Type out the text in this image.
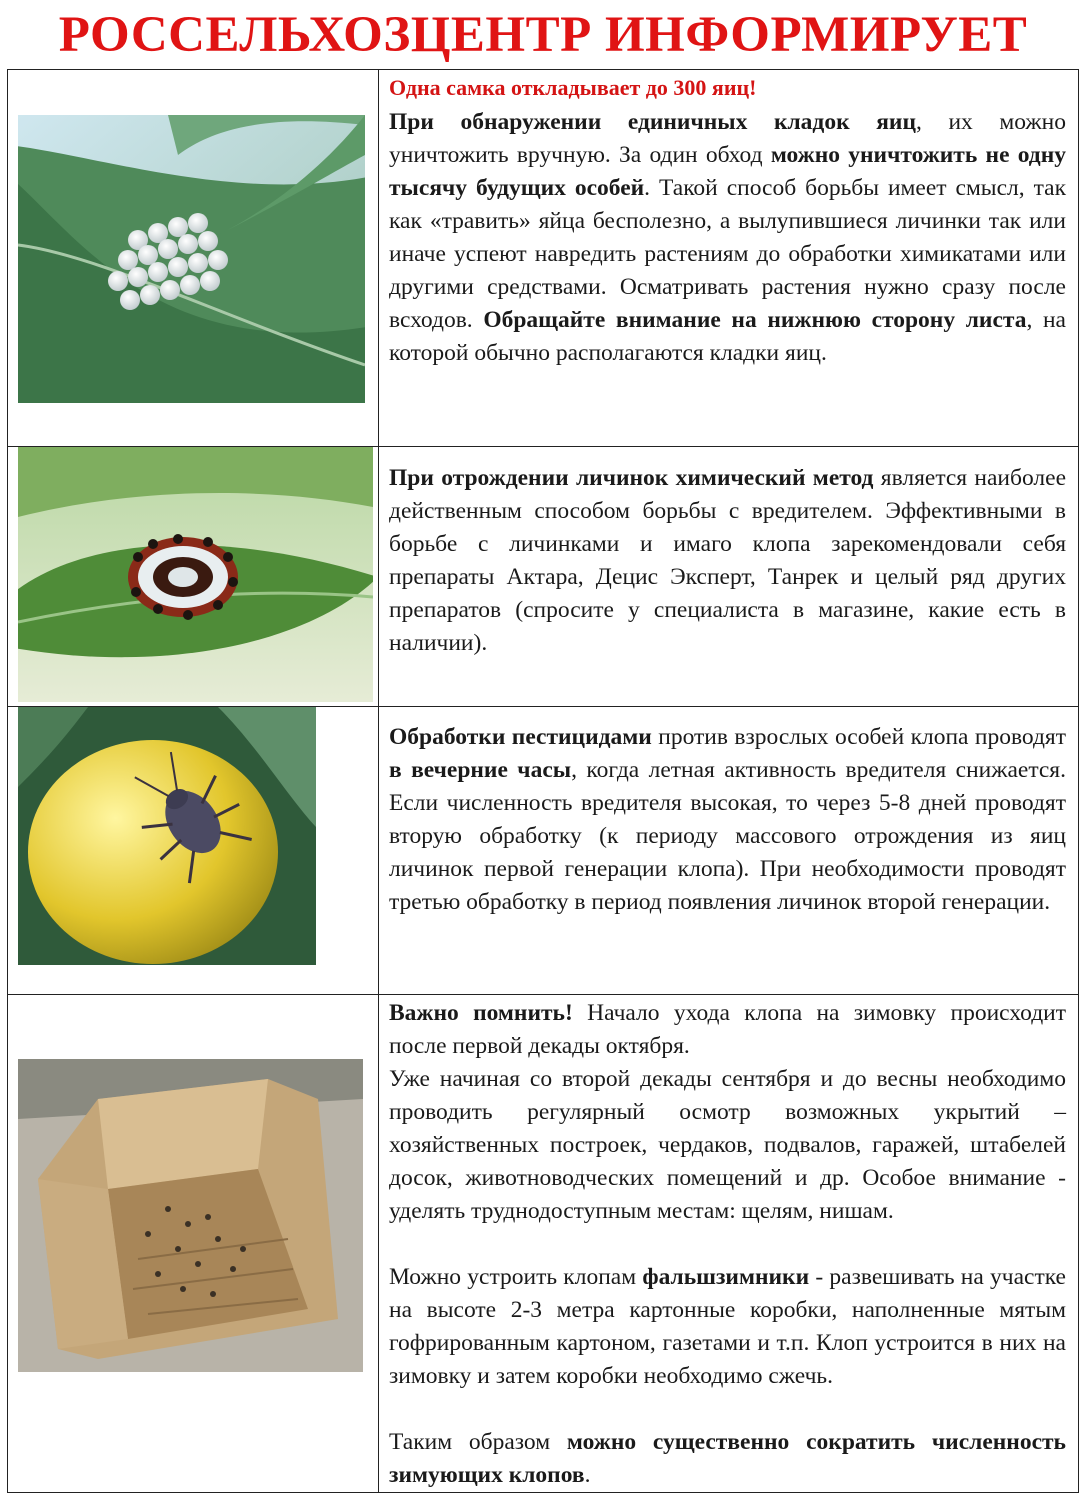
РОССЕЛЬХОЗЦЕНТР ИНФОРМИРУЕТ
Одна самка откладывает до 300 яиц!

При обнаружении единичных кладок яиц, их можно уничтожить вручную. За один обход можно уничтожить не одну тысячу будущих особей. Такой способ борьбы имеет смысл, так как «травить» яйца бесполезно, а вылупившиеся личинки так или иначе успеют навредить растениям до обработки химикатами или другими средствами. Осматривать растения нужно сразу после всходов. Обращайте внимание на нижнюю сторону листа, на которой обычно располагаются кладки яиц.

При отрождении личинок химический метод является наиболее действенным способом борьбы с вредителем. Эффективными в борьбе с личинками и имаго клопа зарекомендовали себя препараты Актара, Децис Эксперт, Танрек и целый ряд других препаратов (спросите у специалиста в магазине, какие есть в наличии).

Обработки пестицидами против взрослых особей клопа проводят в вечерние часы, когда летная активность вредителя снижается. Если численность вредителя высокая, то через 5-8 дней проводят вторую обработку (к периоду массового отрождения из яиц личинок первой генерации клопа). При необходимости проводят третью обработку в период появления личинок второй генерации.

Важно помнить! Начало ухода клопа на зимовку происходит после первой декады октября.

Уже начиная со второй декады сентября и до весны необходимо проводить регулярный осмотр возможных укрытий – хозяйственных построек, чердаков, подвалов, гаражей, штабелей досок, животноводческих помещений и др. Особое внимание - уделять труднодоступным местам: щелям, нишам.

Можно устроить клопам фальшзимники - развешивать на участке на высоте 2-3 метра картонные коробки, наполненные мятым гофрированным картоном, газетами и т.п. Клоп устроится в них на зимовку и затем коробки необходимо сжечь.

Таким образом можно существенно сократить численность зимующих клопов.
